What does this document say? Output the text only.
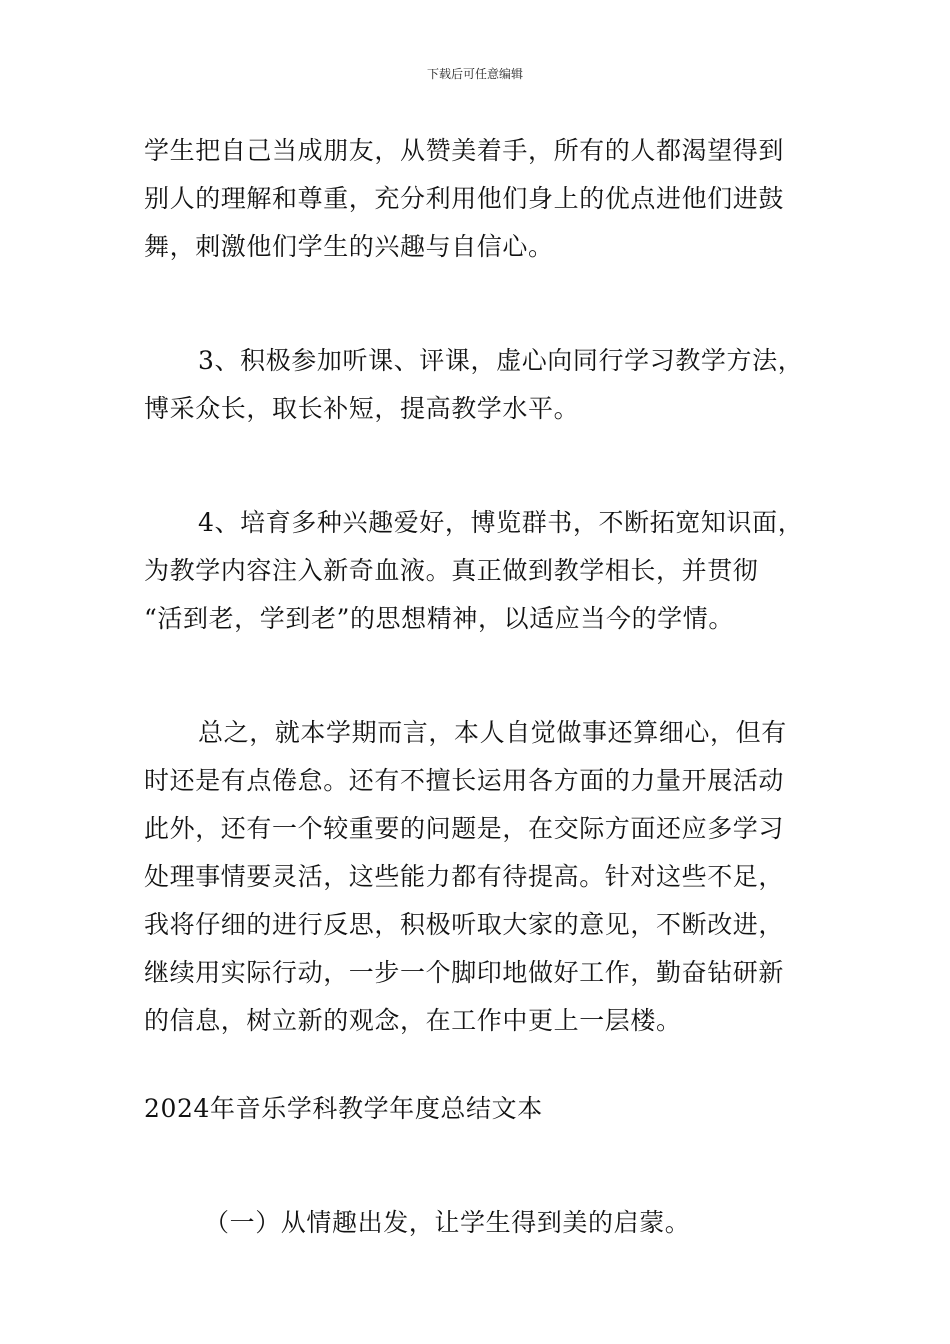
下载后可任意编辑
学生把自己当成朋友，从赞美着手，所有的人都渴望得到
别人的理解和尊重，充分利用他们身上的优点进他们进鼓
舞，刺激他们学生的兴趣与自信心。
3、积极参加听课、评课，虚心向同行学习教学方法，
博采众长，取长补短，提高教学水平。
4、培育多种兴趣爱好，博览群书，不断拓宽知识面，
为教学内容注入新奇血液。真正做到教学相长，并贯彻
“活到老，学到老”的思想精神，以适应当今的学情。
总之，就本学期而言，本人自觉做事还算细心，但有
时还是有点倦怠。还有不擅长运用各方面的力量开展活动
此外，还有一个较重要的问题是，在交际方面还应多学习
处理事情要灵活，这些能力都有待提高。针对这些不足，
我将仔细的进行反思，积极听取大家的意见，不断改进，
继续用实际行动，一步一个脚印地做好工作，勤奋钻研新
的信息，树立新的观念，在工作中更上一层楼。
2024年音乐学科教学年度总结文本
（一）从情趣出发，让学生得到美的启蒙。
